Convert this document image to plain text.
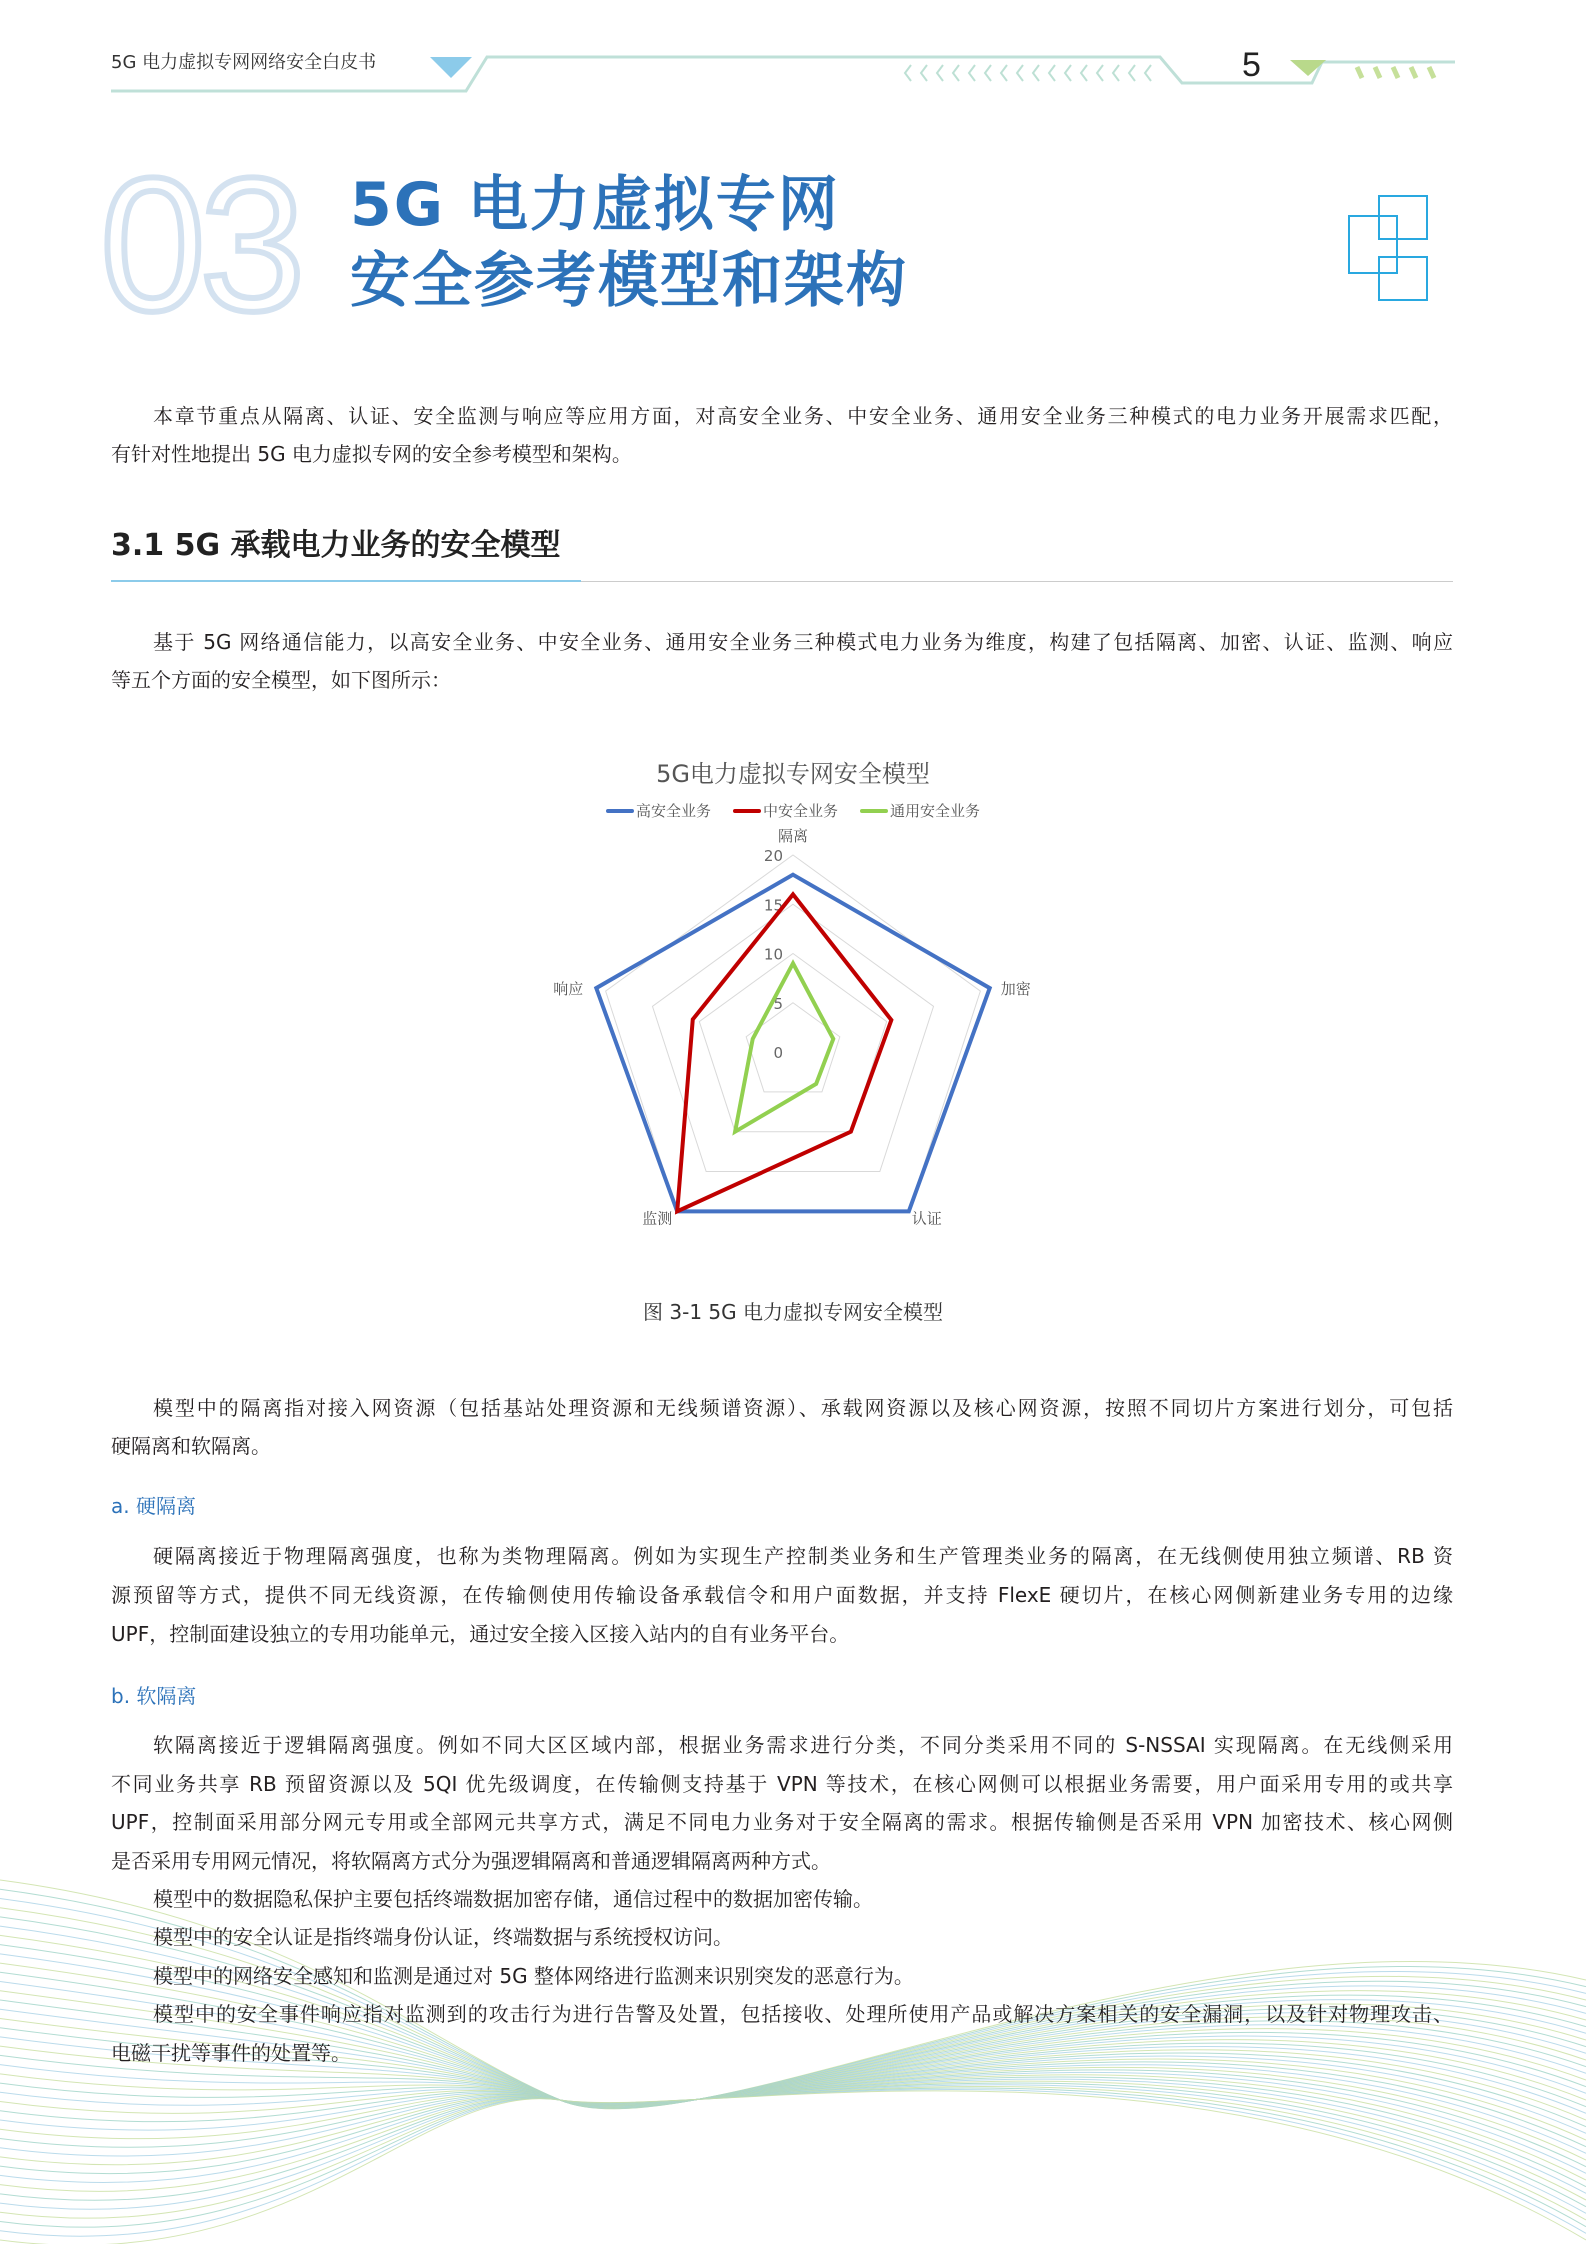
5G 电力虚拟专网网络安全白皮书	5
03 5G 电力虚拟专网
安全参考模型和架构
本章节重点从隔离、认证、安全监测与响应等应用方面，对高安全业务、中安全业务、通用安全业务三种模式的电力业务开展需求匹配，
有针对性地提出 5G 电力虚拟专网的安全参考模型和架构。
3.1 5G 承载电力业务的安全模型
基于 5G 网络通信能力，以高安全业务、中安全业务、通用安全业务三种模式电力业务为维度，构建了包括隔离、加密、认证、监测、响应
等五个方面的安全模型，如下图所示：
5G电力虚拟专网安全模型
高安全业务	中安全业务	通用安全业务
0
5
10
15
20
隔离
加密
认证
监测
响应
图 3-1 5G 电力虚拟专网安全模型
模型中的隔离指对接入网资源（包括基站处理资源和无线频谱资源）、承载网资源以及核心网资源，按照不同切片方案进行划分，可包括
硬隔离和软隔离。
a. 硬隔离
硬隔离接近于物理隔离强度，也称为类物理隔离。例如为实现生产控制类业务和生产管理类业务的隔离，在无线侧使用独立频谱、RB 资
源预留等方式，提供不同无线资源，在传输侧使用传输设备承载信令和用户面数据，并支持 FlexE 硬切片，在核心网侧新建业务专用的边缘
UPF，控制面建设独立的专用功能单元，通过安全接入区接入站内的自有业务平台。
b. 软隔离
软隔离接近于逻辑隔离强度。例如不同大区区域内部，根据业务需求进行分类，不同分类采用不同的 S-NSSAI 实现隔离。在无线侧采用
不同业务共享 RB 预留资源以及 5QI 优先级调度，在传输侧支持基于 VPN 等技术，在核心网侧可以根据业务需要，用户面采用专用的或共享
UPF，控制面采用部分网元专用或全部网元共享方式，满足不同电力业务对于安全隔离的需求。根据传输侧是否采用 VPN 加密技术、核心网侧
是否采用专用网元情况，将软隔离方式分为强逻辑隔离和普通逻辑隔离两种方式。
模型中的数据隐私保护主要包括终端数据加密存储，通信过程中的数据加密传输。
模型中的安全认证是指终端身份认证，终端数据与系统授权访问。
模型中的网络安全感知和监测是通过对 5G 整体网络进行监测来识别突发的恶意行为。
模型中的安全事件响应指对监测到的攻击行为进行告警及处置，包括接收、处理所使用产品或解决方案相关的安全漏洞，以及针对物理攻击、
电磁干扰等事件的处置等。
